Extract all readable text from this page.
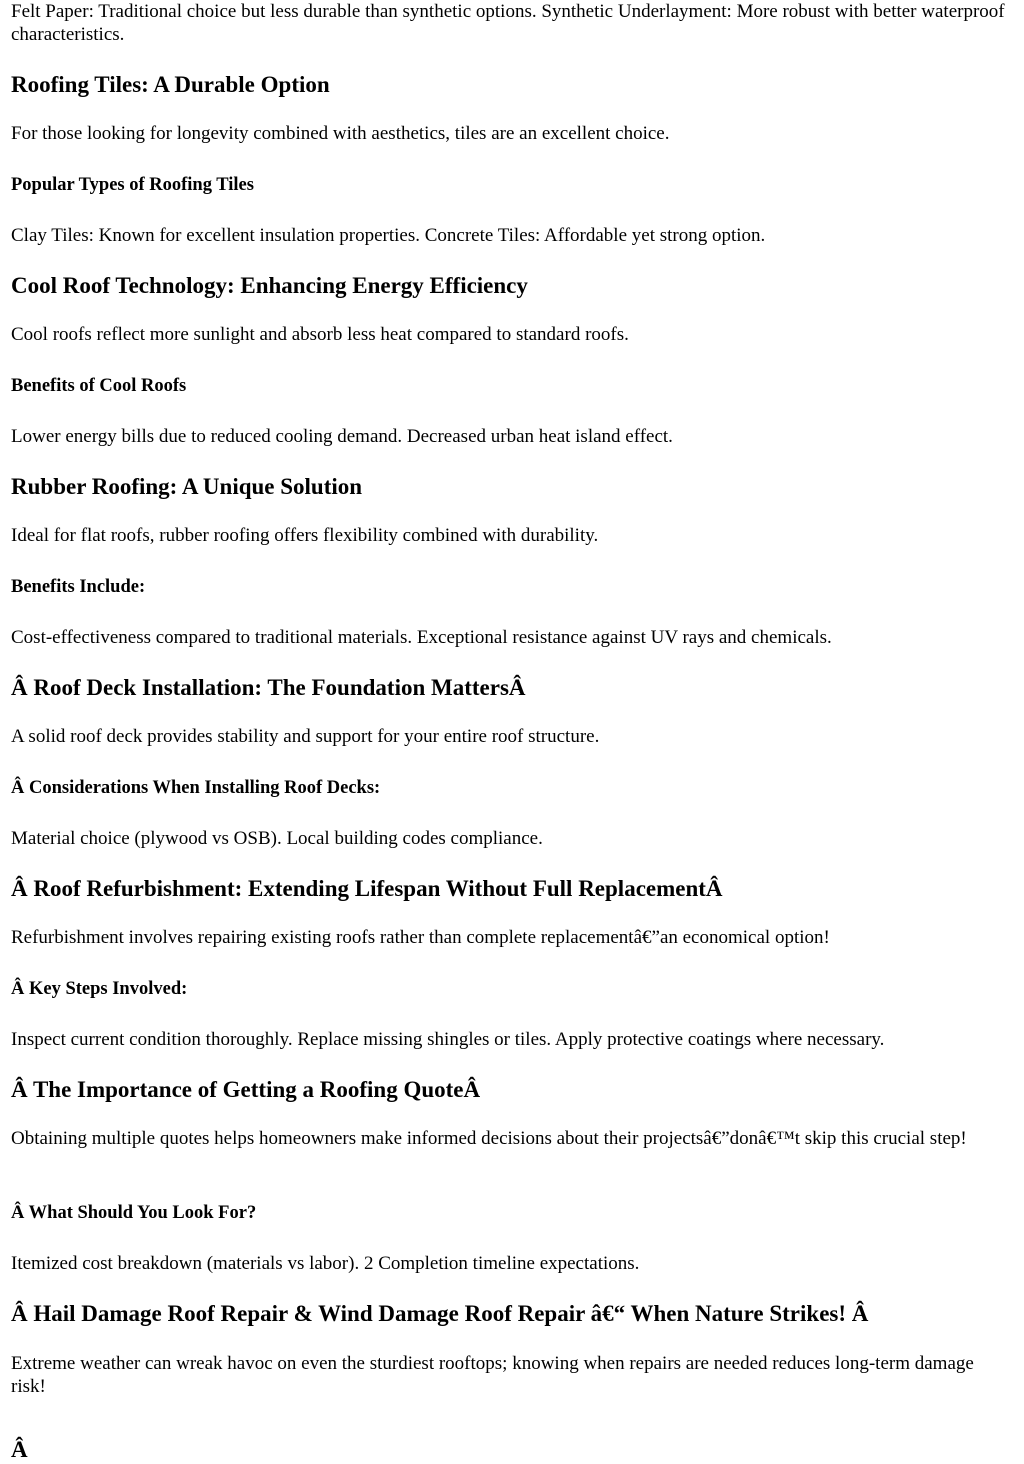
Felt Paper: Traditional choice but less durable than synthetic options. Synthetic Underlayment: More robust with better waterproof characteristics.

Roofing Tiles: A Durable Option

For those looking for longevity combined with aesthetics, tiles are an excellent choice.

Popular Types of Roofing Tiles

Clay Tiles: Known for excellent insulation properties. Concrete Tiles: Affordable yet strong option.

Cool Roof Technology: Enhancing Energy Efficiency

Cool roofs reflect more sunlight and absorb less heat compared to standard roofs.

Benefits of Cool Roofs

Lower energy bills due to reduced cooling demand. Decreased urban heat island effect.

Rubber Roofing: A Unique Solution

Ideal for flat roofs, rubber roofing offers flexibility combined with durability.

Benefits Include:

Cost-effectiveness compared to traditional materials. Exceptional resistance against UV rays and chemicals.

Â Roof Deck Installation: The Foundation MattersÂ

A solid roof deck provides stability and support for your entire roof structure.

Â Considerations When Installing Roof Decks:

Material choice (plywood vs OSB). Local building codes compliance.

Â Roof Refurbishment: Extending Lifespan Without Full ReplacementÂ

Refurbishment involves repairing existing roofs rather than complete replacementâ€”an economical option!

Â Key Steps Involved:

Inspect current condition thoroughly. Replace missing shingles or tiles. Apply protective coatings where necessary.

Â The Importance of Getting a Roofing QuoteÂ

Obtaining multiple quotes helps homeowners make informed decisions about their projectsâ€”donâ€™t skip this crucial step!

Â What Should You Look For?

Itemized cost breakdown (materials vs labor). 2 Completion timeline expectations.

Â Hail Damage Roof Repair & Wind Damage Roof Repair â€“ When Nature Strikes! Â

Extreme weather can wreak havoc on even the sturdiest rooftops; knowing when repairs are needed reduces long-term damage risk!

Â
